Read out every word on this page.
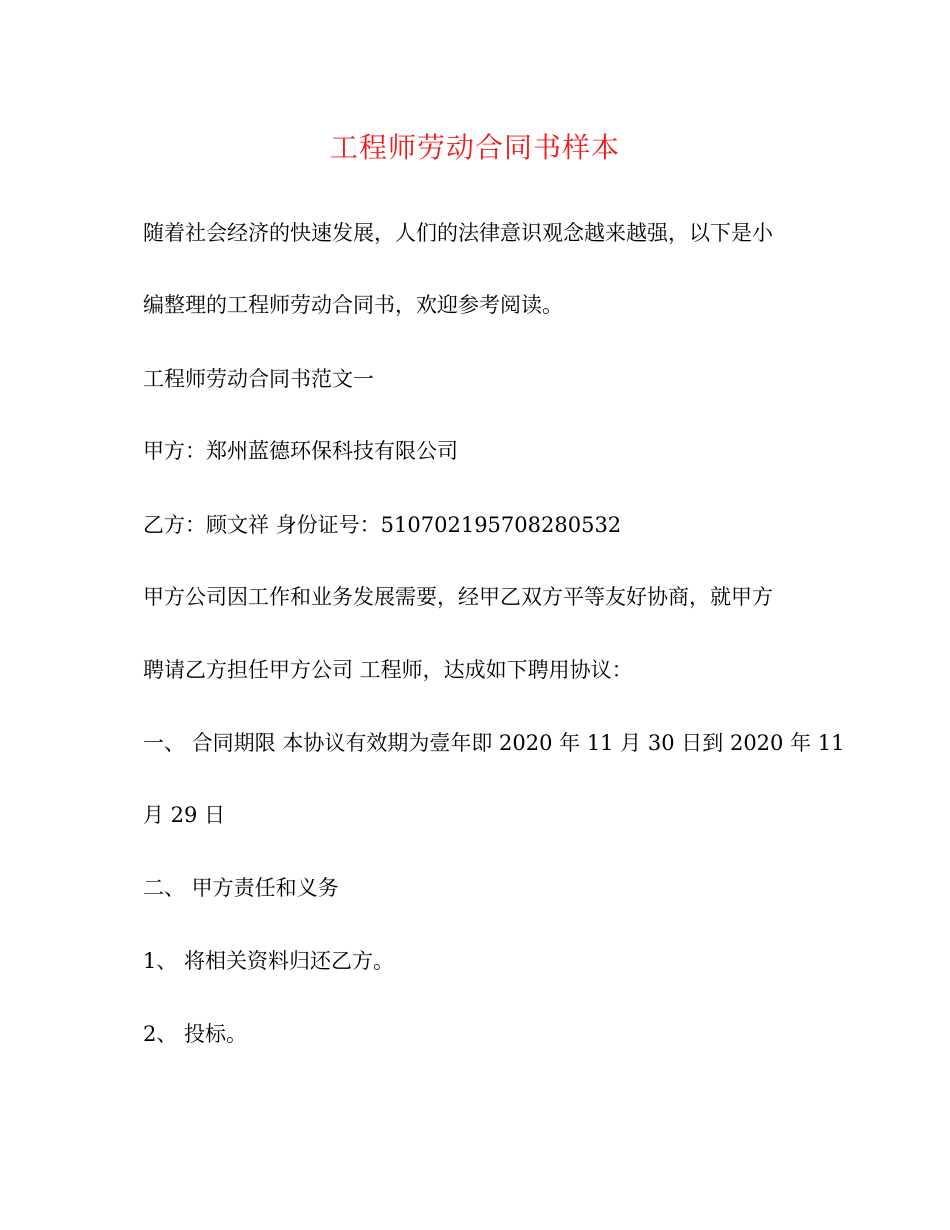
工程师劳动合同书样本
随着社会经济的快速发展，人们的法律意识观念越来越强，以下是小
编整理的工程师劳动合同书，欢迎参考阅读。
工程师劳动合同书范文一
甲方：郑州蓝德环保科技有限公司
乙方：顾文祥 身份证号：510702195708280532
甲方公司因工作和业务发展需要，经甲乙双方平等友好协商，就甲方
聘请乙方担任甲方公司 工程师，达成如下聘用协议：
一、 合同期限 本协议有效期为壹年即 2020 年 11 月 30 日到 2020 年 11
月 29 日
二、 甲方责任和义务
1、 将相关资料归还乙方。
2、 投标。
